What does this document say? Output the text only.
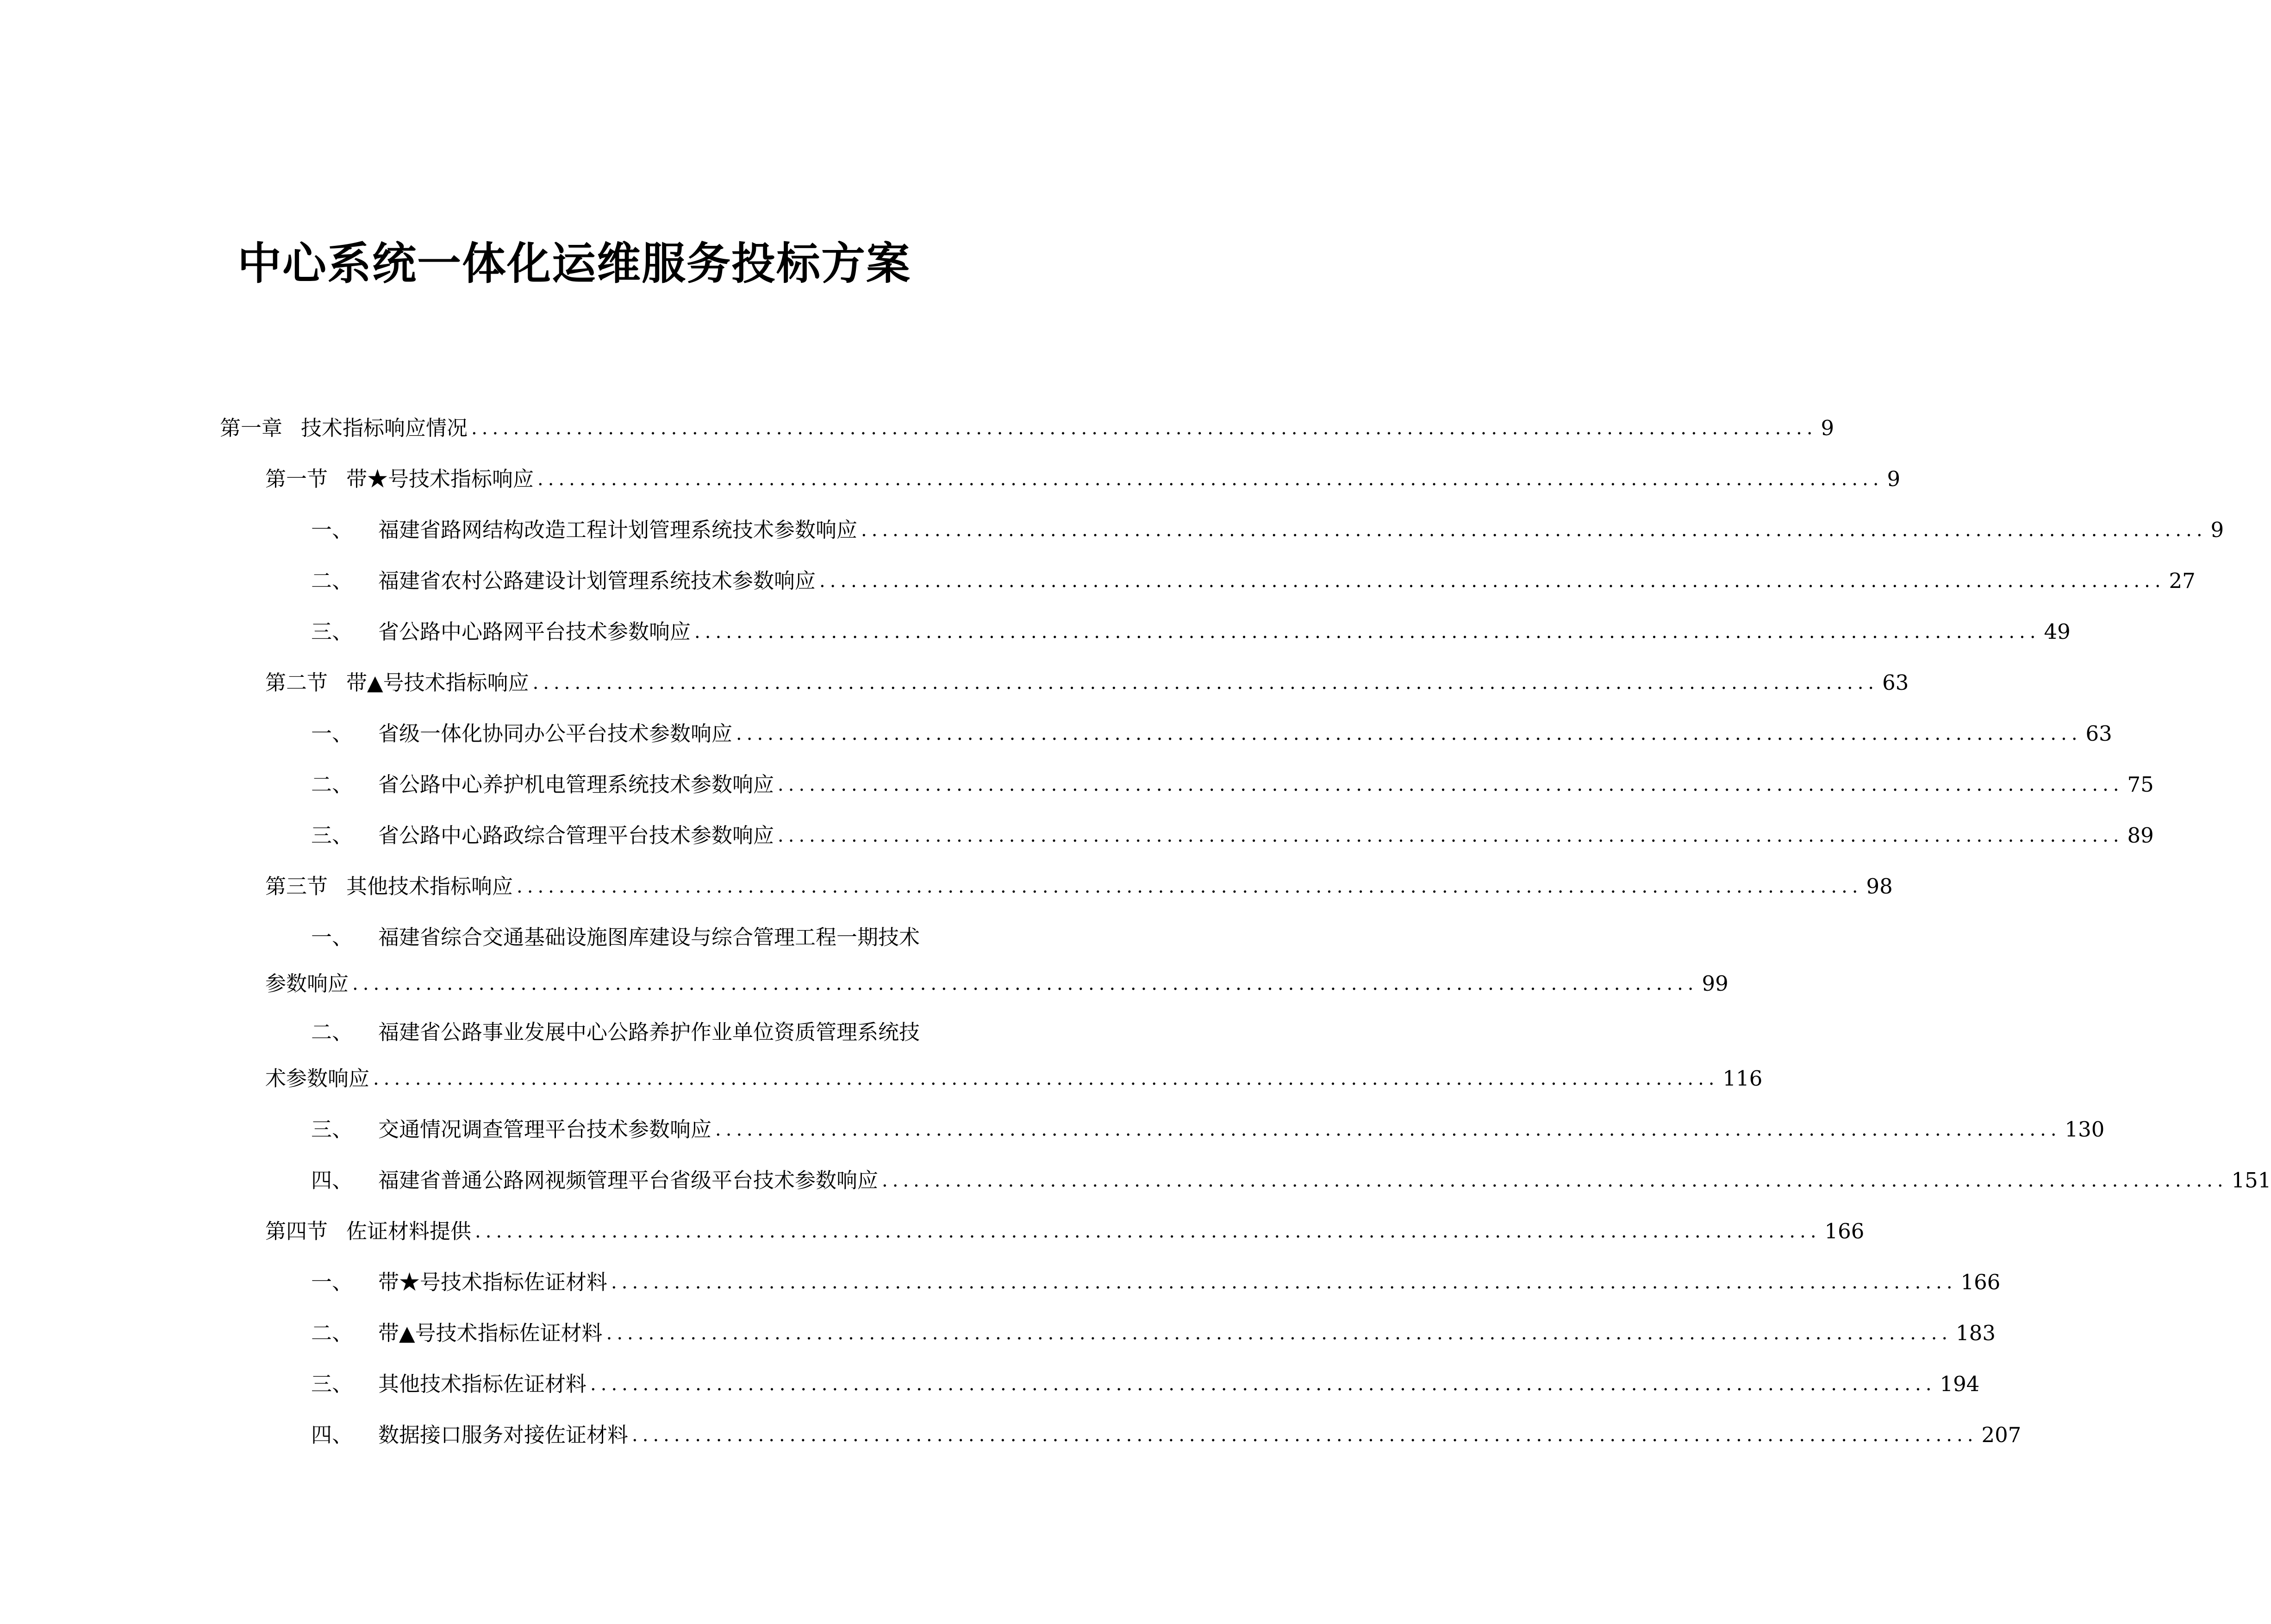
中心系统一体化运维服务投标方案
第一章 技术指标响应情况 ................................................................................................................................ 9
第一节 带★号技术指标响应 ................................................................................................................................ 9
一、 福建省路网结构改造工程计划管理系统技术参数响应 ................................................................................................................................ 9
二、 福建省农村公路建设计划管理系统技术参数响应 ................................................................................................................................ 27
三、 省公路中心路网平台技术参数响应 ................................................................................................................................ 49
第二节 带▲号技术指标响应 ................................................................................................................................ 63
一、 省级一体化协同办公平台技术参数响应 ................................................................................................................................ 63
二、 省公路中心养护机电管理系统技术参数响应 ................................................................................................................................ 75
三、 省公路中心路政综合管理平台技术参数响应 ................................................................................................................................ 89
第三节 其他技术指标响应 ................................................................................................................................ 98
一、 福建省综合交通基础设施图库建设与综合管理工程一期技术
参数响应 ................................................................................................................................ 99
二、 福建省公路事业发展中心公路养护作业单位资质管理系统技
术参数响应 ................................................................................................................................ 116
三、 交通情况调查管理平台技术参数响应 ................................................................................................................................ 130
四、 福建省普通公路网视频管理平台省级平台技术参数响应 ................................................................................................................................ 151
第四节 佐证材料提供 ................................................................................................................................ 166
一、 带★号技术指标佐证材料 ................................................................................................................................ 166
二、 带▲号技术指标佐证材料 ................................................................................................................................ 183
三、 其他技术指标佐证材料 ................................................................................................................................ 194
四、 数据接口服务对接佐证材料 ................................................................................................................................ 207
